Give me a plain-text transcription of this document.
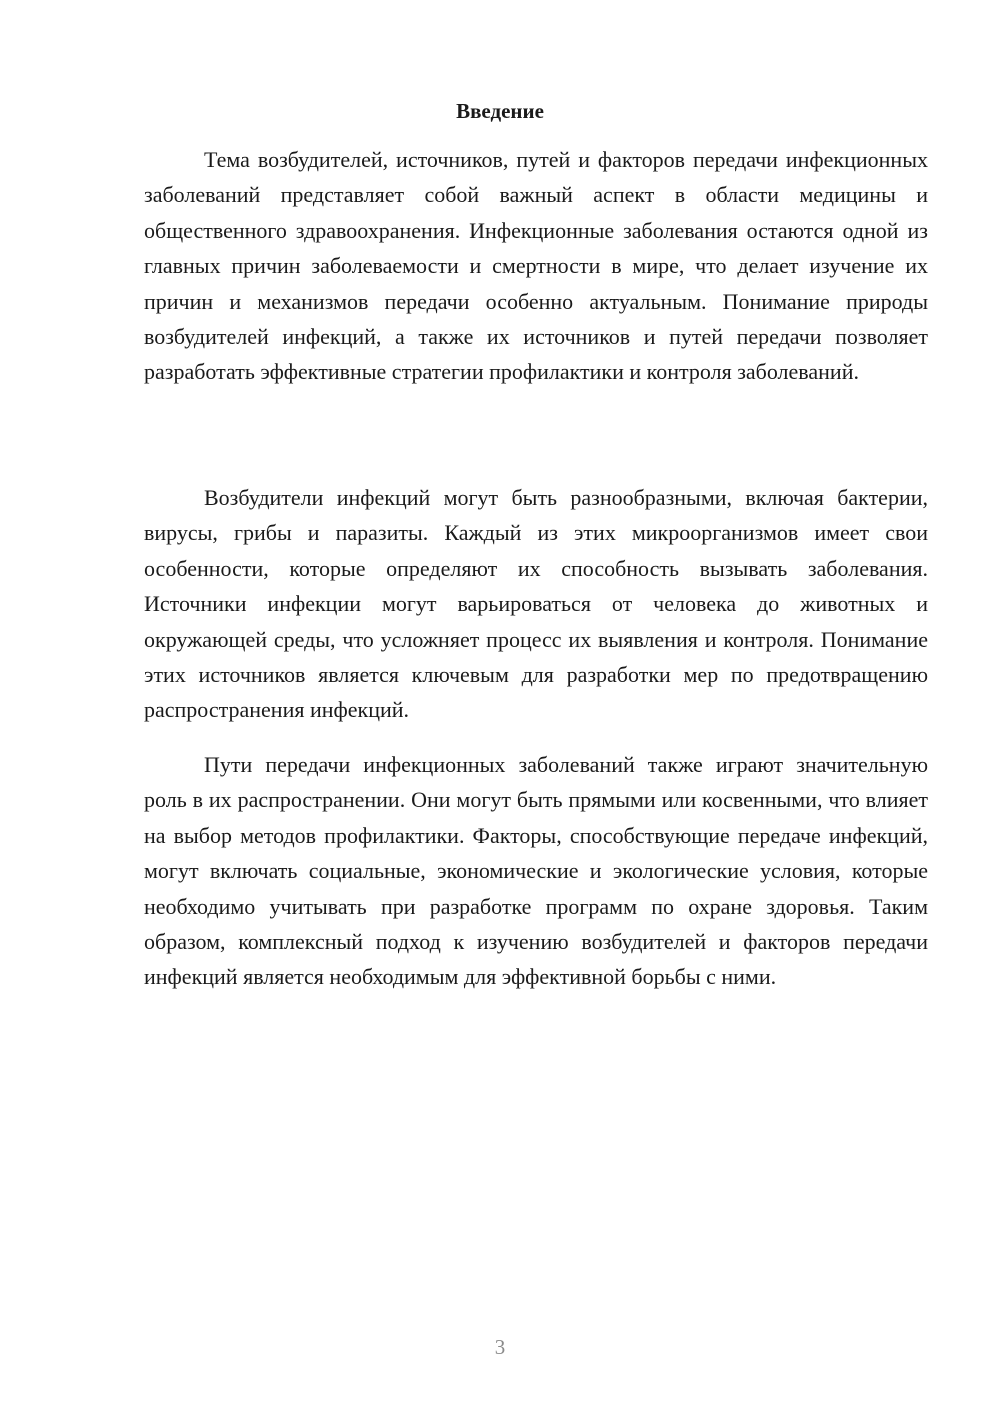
Введение

Тема возбудителей, источников, путей и факторов передачи инфекционных заболеваний представляет собой важный аспект в области медицины и общественного здравоохранения. Инфекционные заболевания остаются одной из главных причин заболеваемости и смертности в мире, что делает изучение их причин и механизмов передачи особенно актуальным. Понимание природы возбудителей инфекций, а также их источников и путей передачи позволяет разработать эффективные стратегии профилактики и контроля заболеваний.

Возбудители инфекций могут быть разнообразными, включая бактерии, вирусы, грибы и паразиты. Каждый из этих микроорганизмов имеет свои особенности, которые определяют их способность вызывать заболевания. Источники инфекции могут варьироваться от человека до животных и окружающей среды, что усложняет процесс их выявления и контроля. Понимание этих источников является ключевым для разработки мер по предотвращению распространения инфекций.

Пути передачи инфекционных заболеваний также играют значительную роль в их распространении. Они могут быть прямыми или косвенными, что влияет на выбор методов профилактики. Факторы, способствующие передаче инфекций, могут включать социальные, экономические и экологические условия, которые необходимо учитывать при разработке программ по охране здоровья. Таким образом, комплексный подход к изучению возбудителей и факторов передачи инфекций является необходимым для эффективной борьбы с ними.

3
